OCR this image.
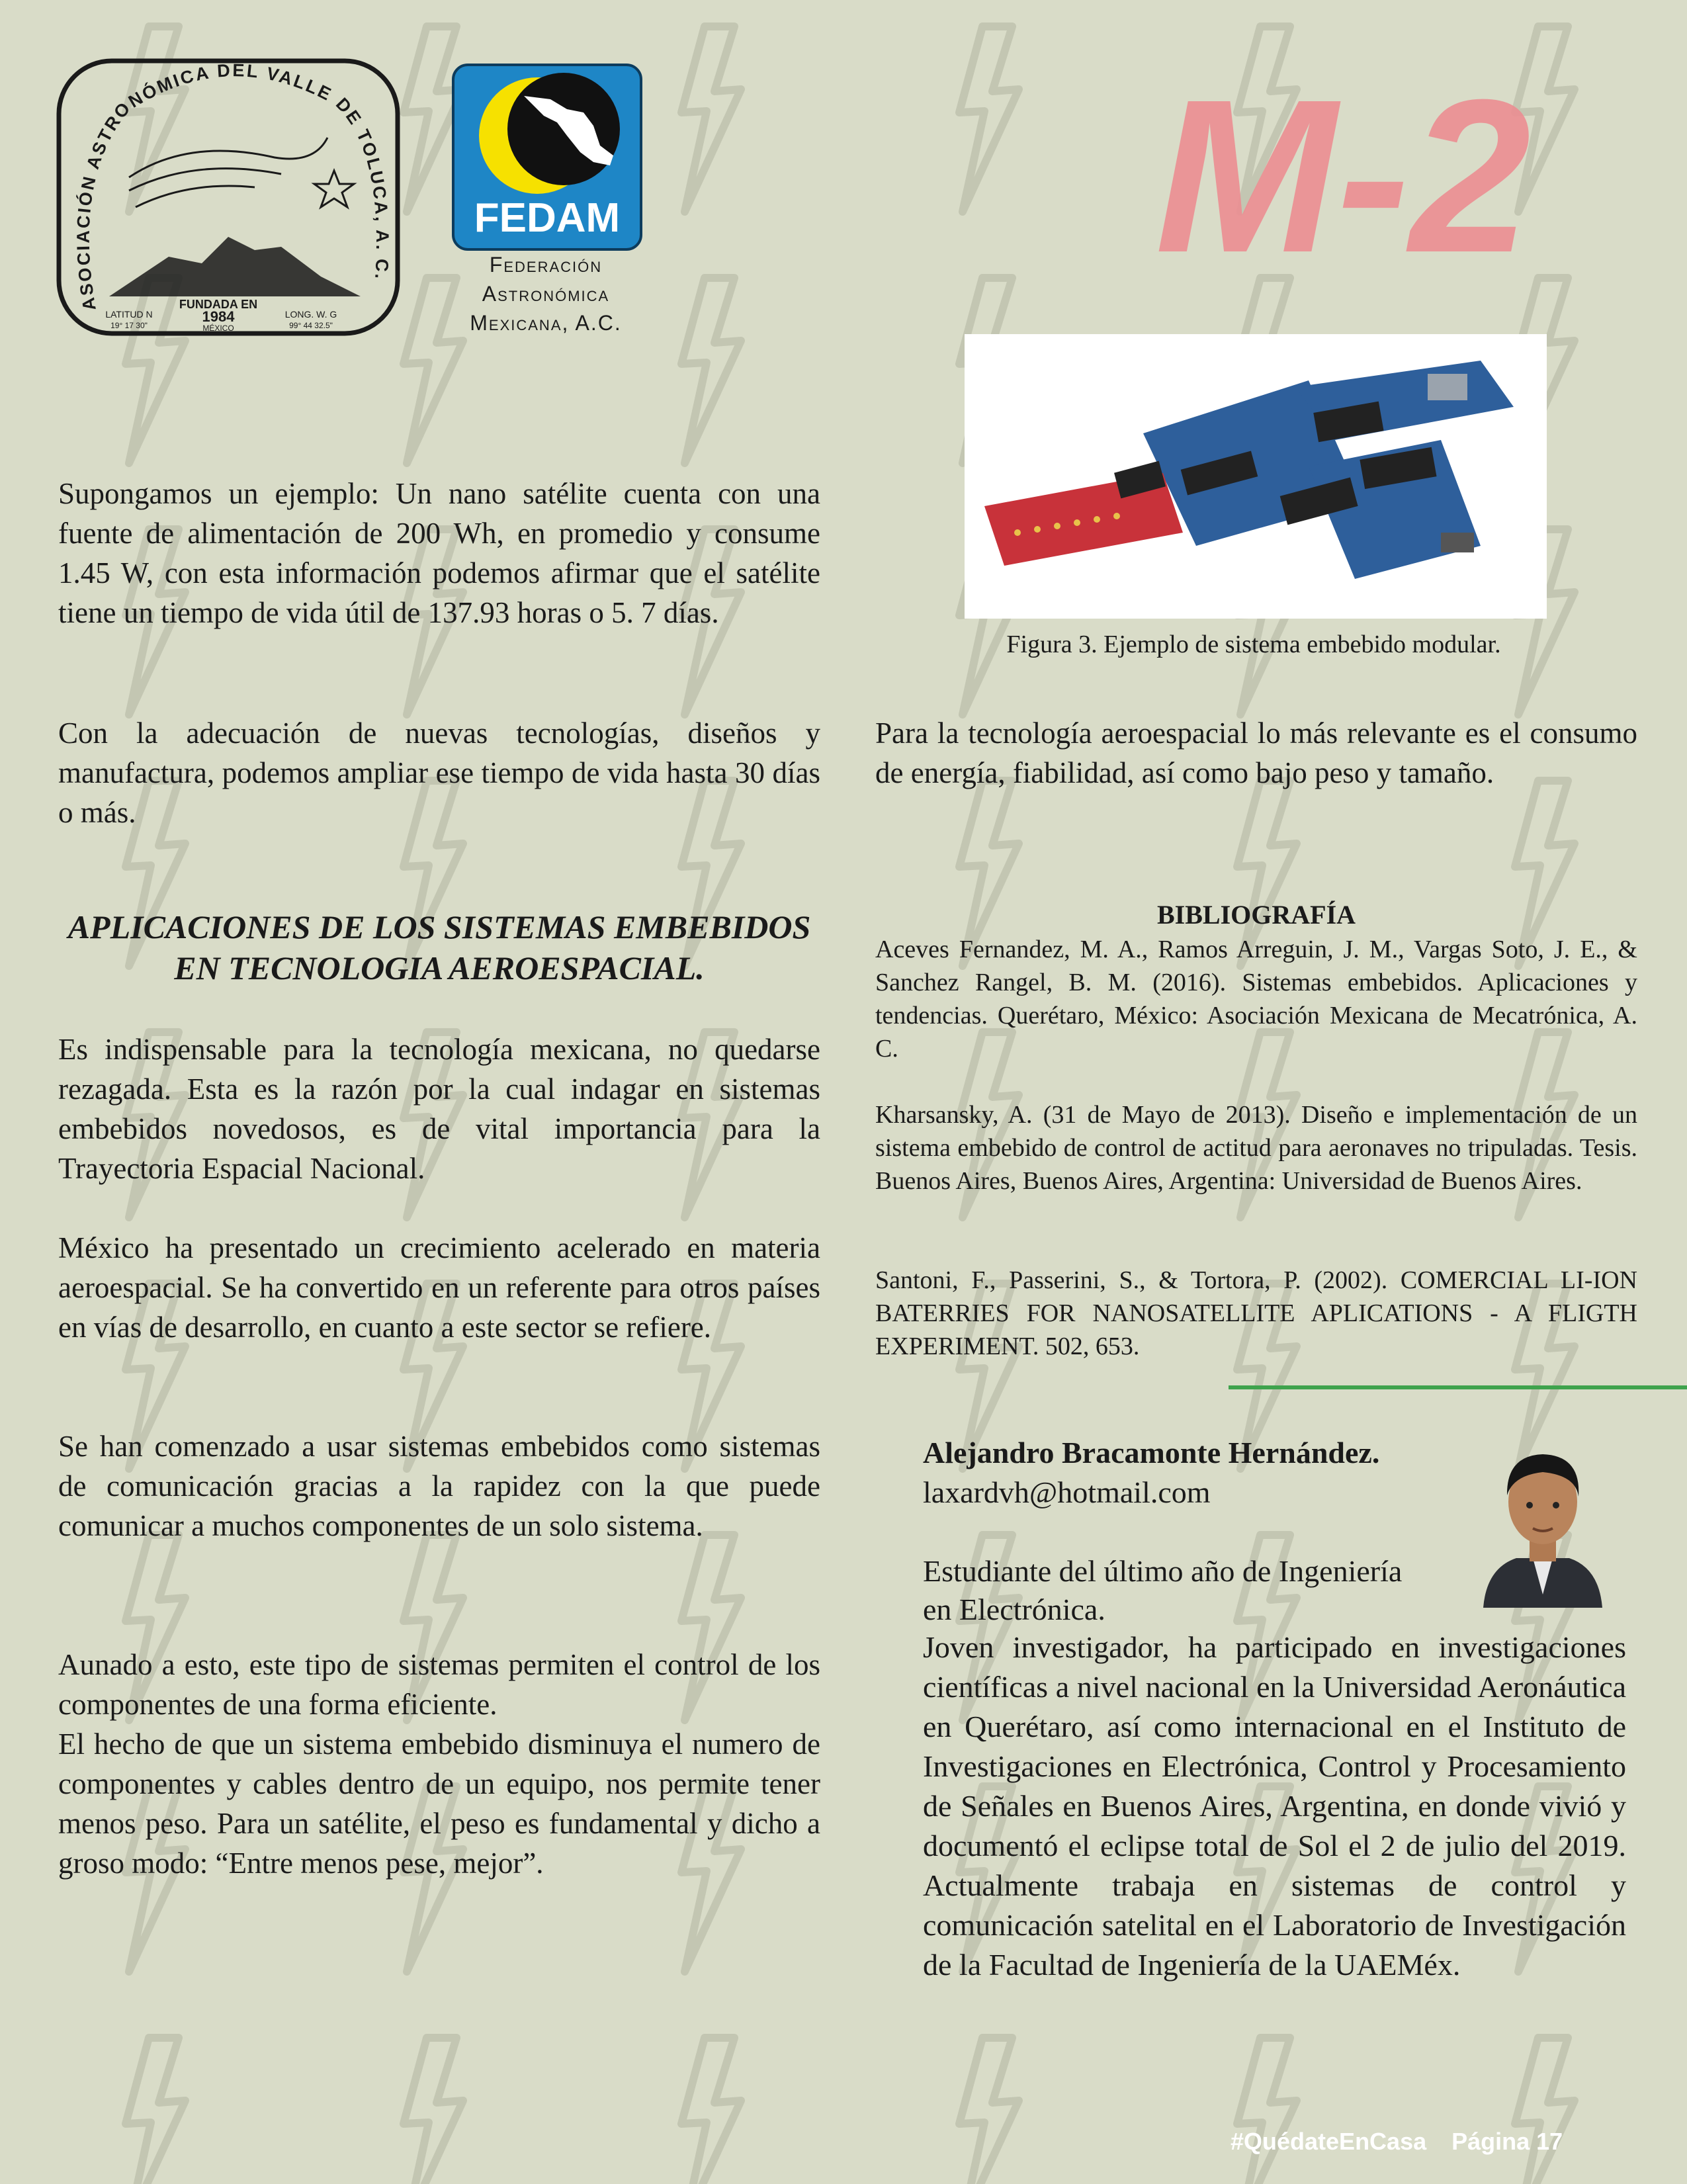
ASOCIACIÓN ASTRONÓMICA DEL VALLE DE TOLUCA, A. C.
FUNDADA EN
1984
MÉXICO
LATITUD N
19° 17 30"
LONG. W. G
99° 44 32.5"
FEDAM
Federación
Astronómica
Mexicana, A.C.
M-2
Figura 3. Ejemplo de sistema embebido modular.
Supongamos un ejemplo: Un nano satélite cuenta con una fuente de alimentación de 200 Wh, en promedio y consume 1.45 W, con esta información podemos afirmar que el satélite tiene un tiempo de vida útil de 137.93 horas o 5. 7 días.
Con la adecuación de nuevas tecnologías, diseños y manufactura, podemos ampliar ese tiempo de vida hasta 30 días o más.
APLICACIONES DE LOS SISTEMAS EMBEBIDOS
EN TECNOLOGIA AEROESPACIAL.
Es indispensable para la tecnología mexicana, no quedarse rezagada. Esta es la razón por la cual indagar en sistemas embebidos novedosos, es de vital importancia para la Trayectoria Espacial Nacional.
México ha presentado un crecimiento acelerado en materia aeroespacial. Se ha convertido en un referente para otros países en vías de desarrollo, en cuanto a este sector se refiere.
Se han comenzado a usar sistemas embebidos como sistemas de comunicación gracias a la rapidez con la que puede comunicar a muchos componentes de un solo sistema.

Aunado a esto, este tipo de sistemas permiten el control de los componentes de una forma eficiente.

El hecho de que un sistema embebido disminuya el numero de componentes y cables dentro de un equipo, nos permite tener menos peso. Para un satélite, el peso es fundamental y dicho a groso modo: “Entre menos pese, mejor”.

Para la tecnología aeroespacial lo más relevante es el consumo de energía, fiabilidad, así como bajo peso y tamaño.
BIBLIOGRAFÍA
Aceves Fernandez, M. A., Ramos Arreguin, J. M., Vargas Soto, J. E., & Sanchez Rangel, B. M. (2016). Sistemas embebidos. Aplicaciones y tendencias. Querétaro, México: Asociación Mexicana de Mecatrónica, A. C.
Kharsansky, A. (31 de Mayo de 2013). Diseño e implementación de un sistema embebido de control de actitud para aeronaves no tripuladas. Tesis. Buenos Aires, Buenos Aires, Argentina: Universidad de Buenos Aires.
Santoni, F., Passerini, S., & Tortora, P. (2002). COMERCIAL LI-ION BATERRIES FOR NANOSATELLITE APLICATIONS - A FLIGTH EXPERIMENT. 502, 653.
Alejandro Bracamonte Hernández.
laxardvh@hotmail.com
Estudiante del último año de Ingeniería
en Electrónica.
Joven investigador, ha participado en investigaciones científicas a nivel nacional en la Universidad Aeronáutica en Querétaro, así como internacional en el Instituto de Investigaciones en Electrónica, Control y Procesamiento de Señales en Buenos Aires, Argentina, en donde vivió y documentó el eclipse total de Sol el 2 de julio del 2019. Actualmente trabaja en sistemas de control y comunicación satelital en el Laboratorio de Investigación de la Facultad de Ingeniería de la UAEMéx.
#QuédateEnCasa Página 17
